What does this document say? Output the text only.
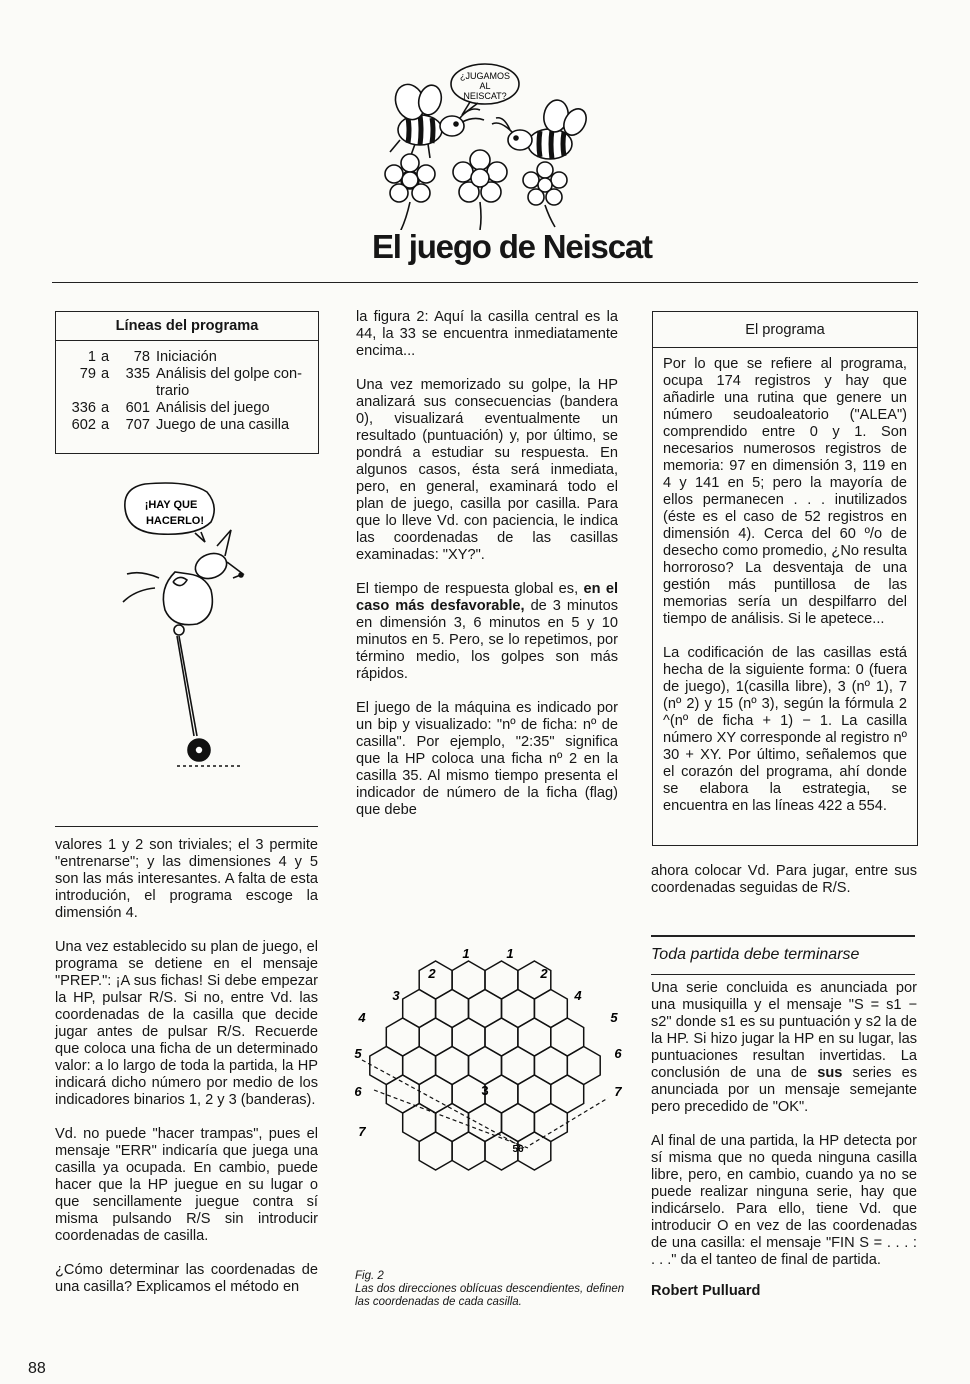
¿JUGAMOS
AL
NEISCAT?
El juego de Neiscat
Líneas del programa
1 a	78 Iniciación
79 a	335 Análisis del golpe con-
trario
336 a	601 Análisis del juego
602 a	707 Juego de una casilla
¡HAY QUE
HACERLO!

valores 1 y 2 son triviales; el 3 permite "entrenarse"; y las dimensiones 4 y 5 son las más interesantes. A falta de esta introdución, el programa escoge la dimensión 4.

Una vez establecido su plan de juego, el programa se detiene en el mensaje "PREP.": ¡A sus fichas! Si debe empezar la HP, pulsar R/S. Si no, entre Vd. las coordenadas de la casilla que decide jugar antes de pulsar R/S. Recuerde que coloca una ficha de un determinado valor: a lo largo de toda la partida, la HP indicará dicho número por medio de los indicadores binarios 1, 2 y 3 (banderas).

Vd. no puede "hacer trampas", pues el mensaje "ERR" indicaría que juega una casilla ya ocupada. En cambio, puede hacer que la HP juegue en su lugar o que sencillamente juegue contra sí misma pulsando R/S sin introducir coordenadas de casilla.

¿Cómo determinar las coordenadas de una casilla? Explicamos el método en

la figura 2: Aquí la casilla central es la 44, la 33 se encuentra inmediatamente encima...

Una vez memorizado su golpe, la HP analizará sus consecuencias (bandera 0), visualizará eventualmente un resultado (puntuación) y, por último, se pondrá a estudiar su respuesta. En algunos casos, ésta será inmediata, pero, en general, examinará todo el plan de juego, casilla por casilla. Para que lo lleve Vd. con paciencia, le indica las coordenadas de las casillas examinadas: "XY?".

El tiempo de respuesta global es, en el caso más desfavorable, de 3 minutos en dimensión 3, 6 minutos en 5 y 10 minutos en 5. Pero, se lo repetimos, por término medio, los golpes son más rápidos.

El juego de la máquina es indicado por un bip y visualizado: "nº de ficha: nº de casilla". Por ejemplo, "2:35" significa que la HP coloca una ficha nº 2 en la casilla 35. Al mismo tiempo presenta el indicador de número de la ficha (flag) que debe

1	1
2	2
3	4
4	5
5	6
6	7
7
3
56
Fig. 2
Las dos direcciones oblícuas descendientes, definen las coordenadas de cada casilla.
El programa

Por lo que se refiere al programa, ocupa 174 registros y hay que añadirle una rutina que genere un número seudoaleatorio ("ALEA") comprendido entre 0 y 1. Son necesarios numerosos registros de memoria: 97 en dimensión 3, 119 en 4 y 141 en 5; pero la mayoría de ellos permanecen . . . inutilizados (éste es el caso de 52 registros en dimensión 4). Cerca del 60 º/o de desecho como promedio, ¿No resulta horroroso? La desventaja de una gestión más puntillosa de las memorias sería un despilfarro del tiempo de análisis. Si le apetece...

La codificación de las casillas está hecha de la siguiente forma: 0 (fuera de juego), 1(casilla libre), 3 (nº 1), 7 (nº 2) y 15 (nº 3), según la fórmula 2 ^(nº de ficha + 1) − 1. La casilla número XY corresponde al registro nº 30 + XY. Por último, señalemos que el corazón del programa, ahí donde se elabora la estrategia, se encuentra en las líneas 422 a 554.

ahora colocar Vd. Para jugar, entre sus coordenadas seguidas de R/S.

Toda partida debe terminarse

Una serie concluida es anunciada por una musiquilla y el mensaje "S = s1 − s2" donde s1 es su puntuación y s2 la de la HP. Si hizo jugar la HP en su lugar, las puntuaciones resultan invertidas. La conclusión de una de sus series es anunciada por un mensaje semejante pero precedido de "OK".

Al final de una partida, la HP detecta por sí misma que no queda ninguna casilla libre, pero, en cambio, cuando ya no se puede realizar ninguna serie, hay que indicárselo. Para ello, tiene Vd. que introducir O en vez de las coordenadas de una casilla: el mensaje "FIN S = . . . : . . ." da el tanteo de final de partida.

Robert Pulluard

88
